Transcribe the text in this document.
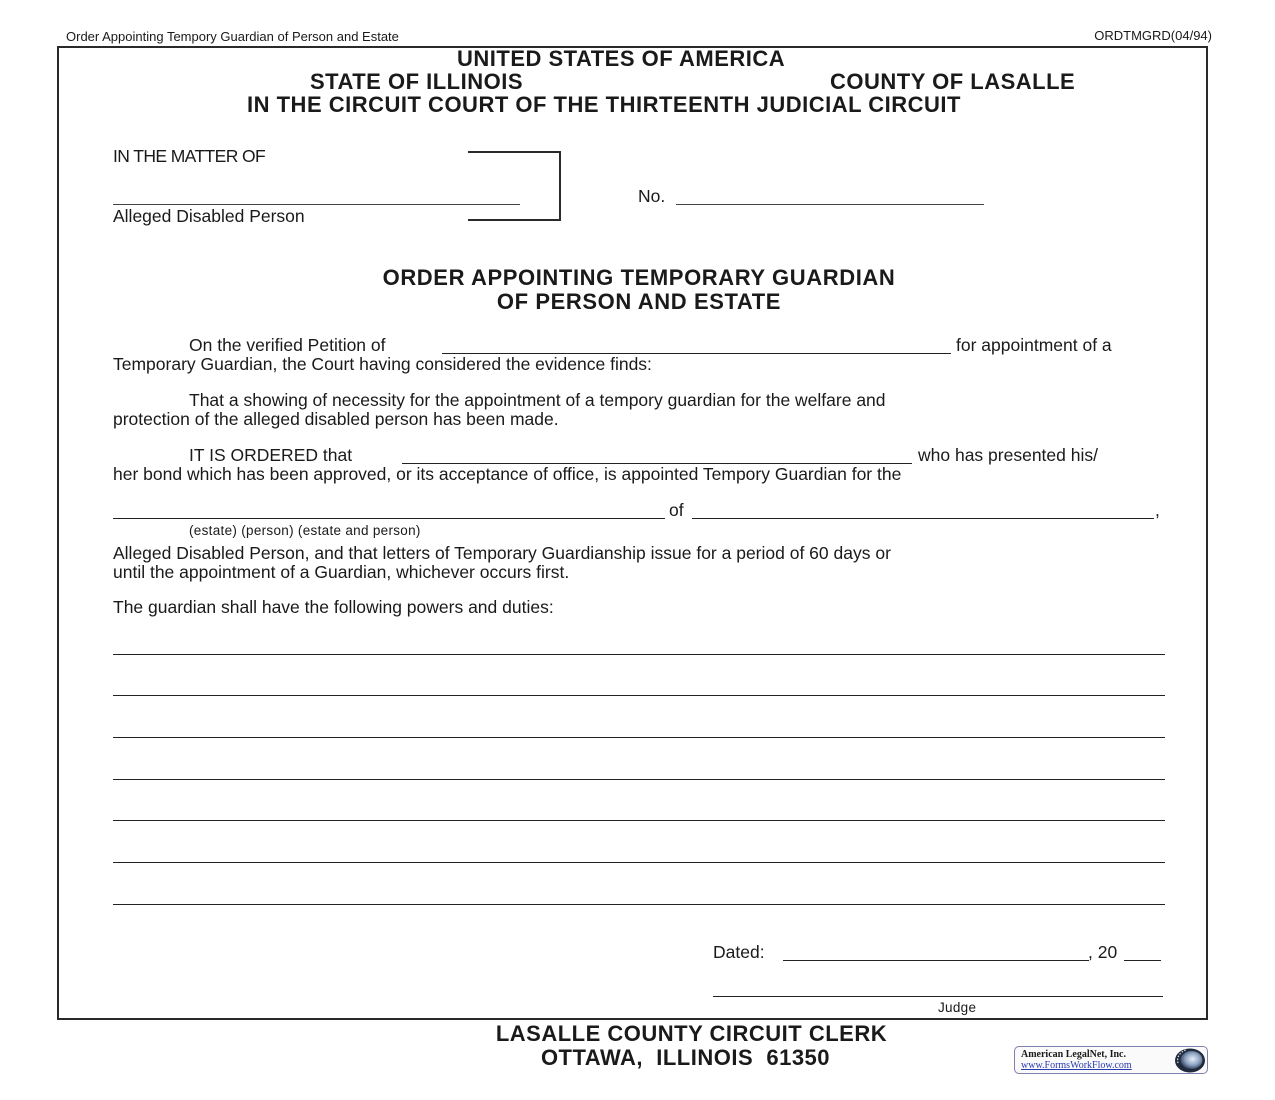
Order Appointing Tempory Guardian of Person and Estate	ORDTMGRD(04/94)
UNITED STATES OF AMERICA
STATE OF ILLINOIS	COUNTY OF LASALLE
IN THE CIRCUIT COURT OF THE THIRTEENTH JUDICIAL CIRCUIT
IN THE MATTER OF
Alleged Disabled Person
No.
ORDER APPOINTING TEMPORARY GUARDIAN
OF PERSON AND ESTATE
On the verified Petition of	for appointment of a
Temporary Guardian, the Court having considered the evidence finds:
That a showing of necessity for the appointment of a tempory guardian for the welfare and
protection of the alleged disabled person has been made.
IT IS ORDERED that	who has presented his/
her bond which has been approved, or its acceptance of office, is appointed Tempory Guardian for the
of	,
(estate) (person) (estate and person)
Alleged Disabled Person, and that letters of Temporary Guardianship issue for a period of 60 days or
until the appointment of a Guardian, whichever occurs first.
The guardian shall have the following powers and duties:
Dated:	, 20
Judge
LASALLE COUNTY CIRCUIT CLERK
OTTAWA,  ILLINOIS  61350	American LegalNet, Inc.
www.FormsWorkFlow.com
